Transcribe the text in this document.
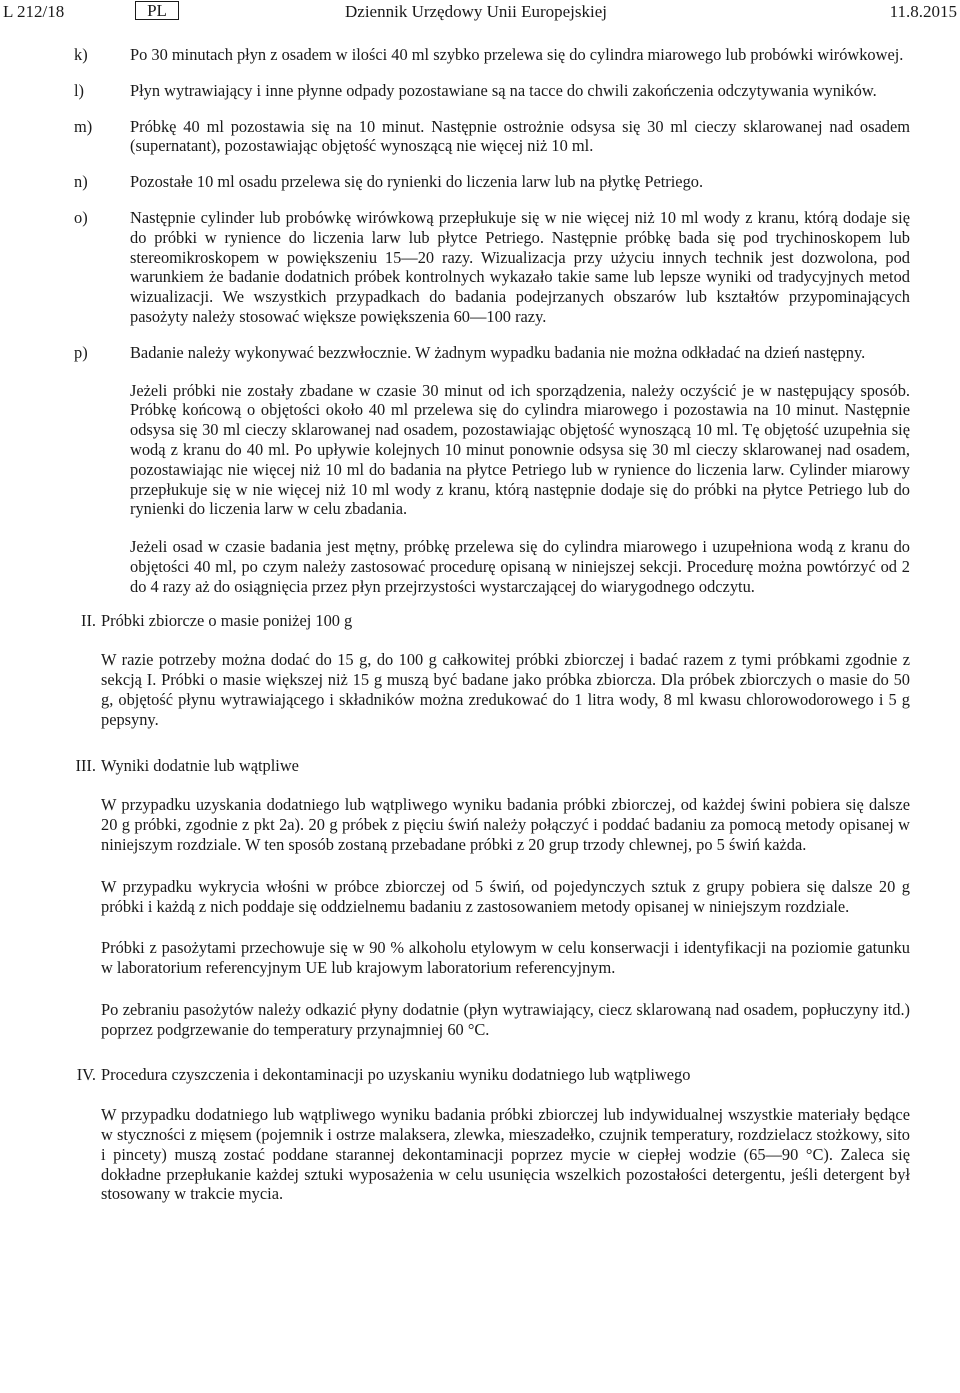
L 212/18	PL	Dziennik Urzędowy Unii Europejskiej	11.8.2015
k)	Po 30 minutach płyn z osadem w ilości 40 ml szybko przelewa się do cylindra miarowego lub probówki wirówkowej.

l)	Płyn wytrawiający i inne płynne odpady pozostawiane są na tacce do chwili zakończenia odczytywania wyników.

m)	Próbkę 40 ml pozostawia się na 10 minut. Następnie ostrożnie odsysa się 30 ml cieczy sklarowanej nad osadem (supernatant), pozostawiając objętość wynoszącą nie więcej niż 10 ml.

n)	Pozostałe 10 ml osadu przelewa się do rynienki do liczenia larw lub na płytkę Petriego.

o)	Następnie cylinder lub probówkę wirówkową przepłukuje się w nie więcej niż 10 ml wody z kranu, którą dodaje się do próbki w rynience do liczenia larw lub płytce Petriego. Następnie próbkę bada się pod trychinoskopem lub stereomikroskopem w powiększeniu 15—20 razy. Wizualizacja przy użyciu innych technik jest dozwolona, pod warunkiem że badanie dodatnich próbek kontrolnych wykazało takie same lub lepsze wyniki od tradycyjnych metod wizualizacji. We wszystkich przypadkach do badania podejrzanych obszarów lub kształtów przypominających pasożyty należy stosować większe powiększenia 60—100 razy.

p)	Badanie należy wykonywać bezzwłocznie. W żadnym wypadku badania nie można odkładać na dzień następny.

Jeżeli próbki nie zostały zbadane w czasie 30 minut od ich sporządzenia, należy oczyścić je w następujący sposób. Próbkę końcową o objętości około 40 ml przelewa się do cylindra miarowego i pozostawia na 10 minut. Następnie odsysa się 30 ml cieczy sklarowanej nad osadem, pozostawiając objętość wynoszącą 10 ml. Tę objętość uzupełnia się wodą z kranu do 40 ml. Po upływie kolejnych 10 minut ponownie odsysa się 30 ml cieczy sklarowanej nad osadem, pozostawiając nie więcej niż 10 ml do badania na płytce Petriego lub w rynience do liczenia larw. Cylinder miarowy przepłukuje się w nie więcej niż 10 ml wody z kranu, którą następnie dodaje się do próbki na płytce Petriego lub do rynienki do liczenia larw w celu zbadania.

Jeżeli osad w czasie badania jest mętny, próbkę przelewa się do cylindra miarowego i uzupełniona wodą z kranu do objętości 40 ml, po czym należy zastosować procedurę opisaną w niniejszej sekcji. Procedurę można powtórzyć od 2 do 4 razy aż do osiągnięcia przez płyn przejrzystości wystarczającej do wiarygodnego odczytu.

II. Próbki zbiorcze o masie poniżej 100 g

W razie potrzeby można dodać do 15 g, do 100 g całkowitej próbki zbiorczej i badać razem z tymi próbkami zgodnie z sekcją I. Próbki o masie większej niż 15 g muszą być badane jako próbka zbiorcza. Dla próbek zbiorczych o masie do 50 g, objętość płynu wytrawiającego i składników można zredukować do 1 litra wody, 8 ml kwasu chlorowodorowego i 5 g pepsyny.

III. Wyniki dodatnie lub wątpliwe

W przypadku uzyskania dodatniego lub wątpliwego wyniku badania próbki zbiorczej, od każdej świni pobiera się dalsze 20 g próbki, zgodnie z pkt 2a). 20 g próbek z pięciu świń należy połączyć i poddać badaniu za pomocą metody opisanej w niniejszym rozdziale. W ten sposób zostaną przebadane próbki z 20 grup trzody chlewnej, po 5 świń każda.

W przypadku wykrycia włośni w próbce zbiorczej od 5 świń, od pojedynczych sztuk z grupy pobiera się dalsze 20 g próbki i każdą z nich poddaje się oddzielnemu badaniu z zastosowaniem metody opisanej w niniejszym rozdziale.

Próbki z pasożytami przechowuje się w 90 % alkoholu etylowym w celu konserwacji i identyfikacji na poziomie gatunku w laboratorium referencyjnym UE lub krajowym laboratorium referencyjnym.

Po zebraniu pasożytów należy odkazić płyny dodatnie (płyn wytrawiający, ciecz sklarowaną nad osadem, popłuczyny itd.) poprzez podgrzewanie do temperatury przynajmniej 60 °C.

IV. Procedura czyszczenia i dekontaminacji po uzyskaniu wyniku dodatniego lub wątpliwego

W przypadku dodatniego lub wątpliwego wyniku badania próbki zbiorczej lub indywidualnej wszystkie materiały będące w styczności z mięsem (pojemnik i ostrze malaksera, zlewka, mieszadełko, czujnik temperatury, rozdzielacz stożkowy, sito i pincety) muszą zostać poddane starannej dekontaminacji poprzez mycie w ciepłej wodzie (65—90 °C). Zaleca się dokładne przepłukanie każdej sztuki wyposażenia w celu usunięcia wszelkich pozostałości detergentu, jeśli detergent był stosowany w trakcie mycia.
